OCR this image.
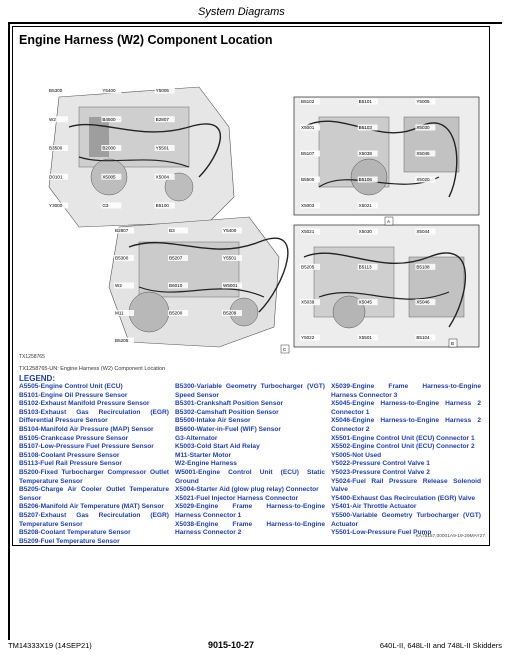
System Diagrams
Engine Harness (W2) Component Location
B5300	Y5400	Y5005
W2	B4500	B2807
B3500	B2000	Y5501
D0101	X5005	X5004
Y3000	G3	B5100
B5102	B5101	Y5005
X5001	B5103	X5030
B5107	X5038	X5046
B5500	B5106	X5020
X5003	X5021
B2807	B3	Y5400
B5300	B5207	Y5501
W2	B6010	W5001
M11	B5200	B5209
B5205
X5021	X5030	X5044
B5205	B5113	B5108
X5039	X5045	X5046
Y5022	X5501	B5104
A
B
C
TX1258765
TX1258765-UN: Engine Harness (W2) Component Location
LEGEND:
A5505-Engine Control Unit (ECU)
B5101-Engine Oil Pressure Sensor
B5102-Exhaust Manifold Pressure Sensor
B5103-Exhaust Gas Recirculation (EGR) Differential Pressure Sensor
B5104-Manifold Air Pressure (MAP) Sensor
B5105-Crankcase Pressure Sensor
B5107-Low-Pressure Fuel Pressure Sensor
B5108-Coolant Pressure Sensor
B5113-Fuel Rail Pressure Sensor
B5200-Fixed Turbocharger Compressor Outlet Temperature Sensor
B5205-Charge Air Cooler Outlet Temperature Sensor
B5206-Manifold Air Temperature (MAT) Sensor
B5207-Exhaust Gas Recirculation (EGR) Temperature Sensor
B5208-Coolant Temperature Sensor
B5209-Fuel Temperature Sensor
B5300-Variable Geometry Turbocharger (VGT) Speed Sensor
B5301-Crankshaft Position Sensor
B5302-Camshaft Position Sensor
B5500-Intake Air Sensor
B5600-Water-in-Fuel (WIF) Sensor
G3-Alternator
K5003-Cold Start Aid Relay
M11-Starter Motor
W2-Engine Harness
W5001-Engine Control Unit (ECU) Static Ground
X5004-Starter Aid (glow plug relay) Connector
X5021-Fuel Injector Harness Connector
X5029-Engine Frame Harness-to-Engine Harness Connector 1
X5038-Engine Frame Harness-to-Engine Harness Connector 2
X5039-Engine Frame Harness-to-Engine Harness Connector 3
X5045-Engine Harness-to-Engine Harness 2 Connector 1
X5046-Engine Harness-to-Engine Harness 2 Connector 2
X5501-Engine Control Unit (ECU) Connector 1
X5502-Engine Control Unit (ECU) Connector 2
Y5005-Not Used
Y5022-Pressure Control Valve 1
Y5023-Pressure Control Valve 2
Y5024-Fuel Rail Pressure Release Solenoid Valve
Y5400-Exhaust Gas Recirculation (EGR) Valve
Y5401-Air Throttle Actuator
Y5500-Variable Geometry Turbocharger (VGT) Actuator
Y5501-Low-Pressure Fuel Pump
KA75157,00001A9-19-29MAY27
TM14333X19 (14SEP21)	9015-10-27	640L-II, 648L-II and 748L-II Skidders
